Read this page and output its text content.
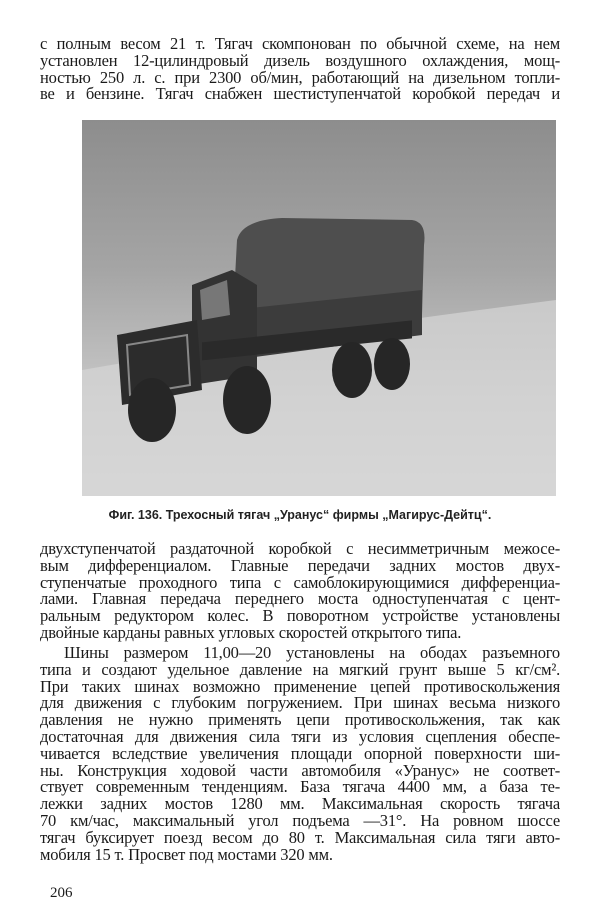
с полным весом 21 т. Тягач скомпонован по обычной схеме, на нем
установлен 12-цилиндровый дизель воздушного охлаждения, мощ-
ностью 250 л. с. при 2300 об/мин, работающий на дизельном топли-
ве и бензине. Тягач снабжен шестиступенчатой коробкой передач и
Фиг. 136. Трехосный тягач „Уранус“ фирмы „Магирус-Дейтц“.
двухступенчатой раздаточной коробкой с несимметричным межосе-
вым дифференциалом. Главные передачи задних мостов двух-
ступенчатые проходного типа с самоблокирующимися дифференциа-
лами. Главная передача переднего моста одноступенчатая с цент-
ральным редуктором колес. В поворотном устройстве установлены
двойные карданы равных угловых скоростей открытого типа.
Шины размером 11,00—20 установлены на ободах разъемного
типа и создают удельное давление на мягкий грунт выше 5 кг/см².
При таких шинах возможно применение цепей противоскольжения
для движения с глубоким погружением. При шинах весьма низкого
давления не нужно применять цепи противоскольжения, так как
достаточная для движения сила тяги из условия сцепления обеспе-
чивается вследствие увеличения площади опорной поверхности ши-
ны. Конструкция ходовой части автомобиля «Уранус» не соответ-
ствует современным тенденциям. База тягача 4400 мм, а база те-
лежки задних мостов 1280 мм. Максимальная скорость тягача
70 км/час, максимальный угол подъема —31°. На ровном шоссе
тягач буксирует поезд весом до 80 т. Максимальная сила тяги авто-
мобиля 15 т. Просвет под мостами 320 мм.
206
